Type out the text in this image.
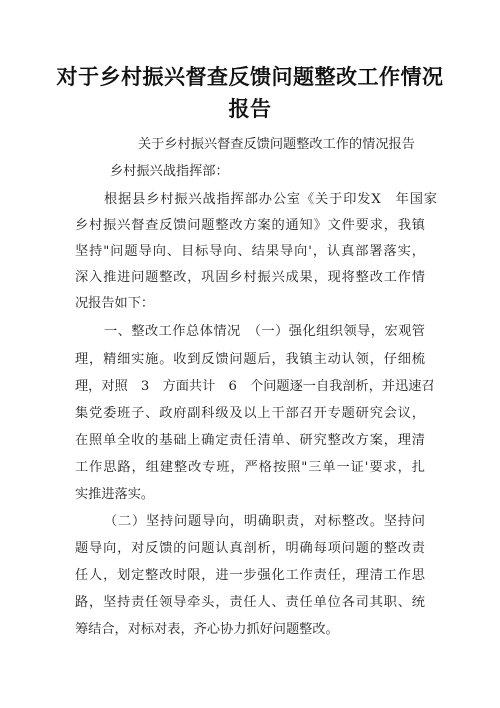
对于乡村振兴督查反馈问题整改工作情况
报告
关于乡村振兴督查反馈问题整改工作的情况报告
乡村振兴战指挥部：
根据县乡村振兴战指挥部办公室《关于印发X　年国家
乡村振兴督查反馈问题整改方案的通知》文件要求，我镇
坚持"问题导向、目标导向、结果导向'，认真部署落实，
深入推进问题整改，巩固乡村振兴成果，现将整改工作情
况报告如下：
一、整改工作总体情况　（一）强化组织领导，宏观管
理，精细实施。收到反馈问题后，我镇主动认领，仔细梳
理，对照　3　方面共计　6　个问题逐一自我剖析，并迅速召
集党委班子、政府副科级及以上干部召开专题研究会议，
在照单全收的基础上确定责任清单、研究整改方案，理清
工作思路，组建整改专班，严格按照"三单一证'要求，扎
实推进落实。
（二）坚持问题导向，明确职责，对标整改。坚持问
题导向，对反馈的问题认真剖析，明确每项问题的整改责
任人，划定整改时限，进一步强化工作责任，理清工作思
路，坚持责任领导牵头，责任人、责任单位各司其职、统
筹结合，对标对表，齐心协力抓好问题整改。
